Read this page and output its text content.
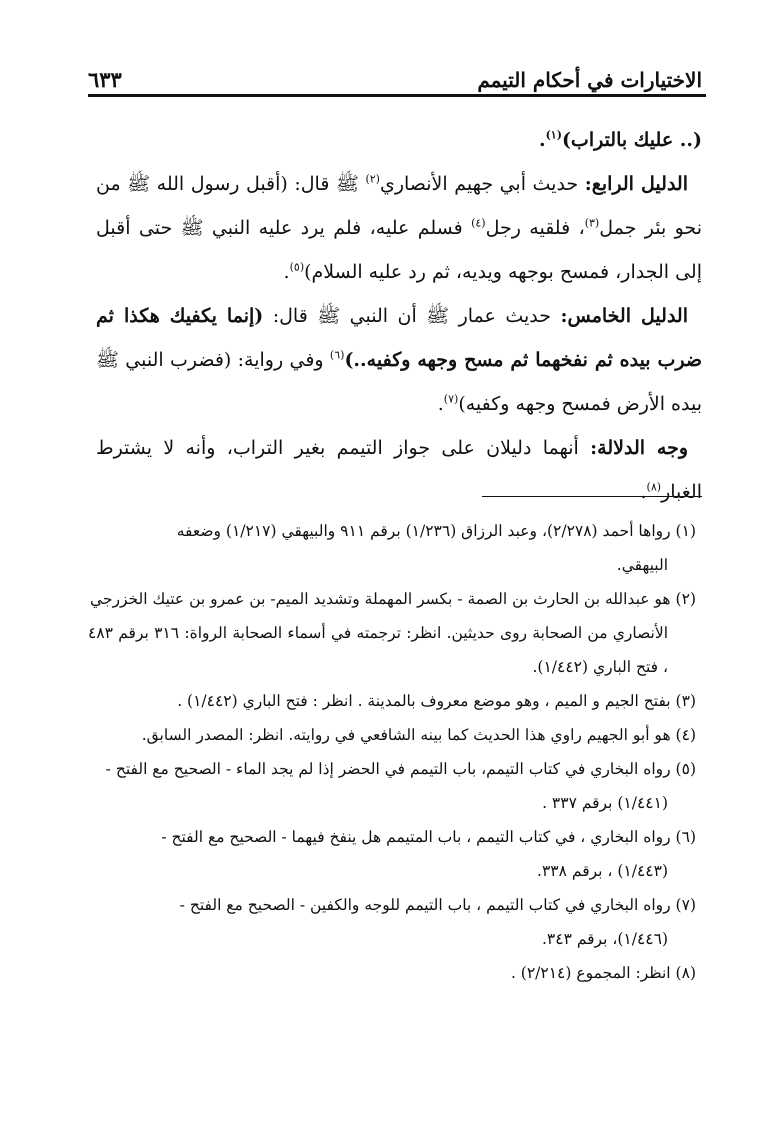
الاختيارات في أحكام التيمم
٦٣٣

(.. عليك بالتراب)$^{(١)}$.

الدليل الرابع: حديث أبي جهيم الأنصاري$^{(٢)}$ ﷺ قال: (أقبل رسول الله ﷺ من نحو بئر جمل$^{(٣)}$، فلقيه رجل$^{(٤)}$ فسلم عليه، فلم يرد عليه النبي ﷺ حتى أقبل إلى الجدار، فمسح بوجهه ويديه، ثم رد عليه السلام)$^{(٥)}$.

الدليل الخامس: حديث عمار ﷺ أن النبي ﷺ قال: (إنما يكفيك هكذا ثم ضرب بيده ثم نفخهما ثم مسح وجهه وكفيه..)$^{(٦)}$ وفي رواية: (فضرب النبي ﷺ بيده الأرض فمسح وجهه وكفيه)$^{(٧)}$.

وجه الدلالة: أنهما دليلان على جواز التيمم بغير التراب، وأنه لا يشترط الغبار$^{(٨)}$.

(١) رواها أحمد (٢/٢٧٨)، وعبد الرزاق (١/٢٣٦) برقم ٩١١ والبيهقي (١/٢١٧) وضعفه
البيهقي.

(٢) هو عبدالله بن الحارث بن الصمة - بكسر المهملة وتشديد الميم- بن عمرو بن عتيك الخزرجي
الأنصاري من الصحابة روى حديثين. انظر: ترجمته في أسماء الصحابة الرواة: ٣١٦ برقم ٤٨٣ ، فتح الباري (١/٤٤٢).

(٣) بفتح الجيم و الميم ، وهو موضع معروف بالمدينة . انظر : فتح الباري (١/٤٤٢) .

(٤) هو أبو الجهيم راوي هذا الحديث كما بينه الشافعي في روايته. انظر: المصدر السابق.

(٥) رواه البخاري في كتاب التيمم، باب التيمم في الحضر إذا لم يجد الماء - الصحيح مع الفتح -
(١/٤٤١) برقم ٣٣٧ .

(٦) رواه البخاري ، في كتاب التيمم ، باب المتيمم هل ينفخ فيهما - الصحيح مع الفتح -
(١/٤٤٣) ، برقم ٣٣٨.

(٧) رواه البخاري في كتاب التيمم ، باب التيمم للوجه والكفين - الصحيح مع الفتح -
(١/٤٤٦)، برقم ٣٤٣.

(٨) انظر: المجموع (٢/٢١٤) .
